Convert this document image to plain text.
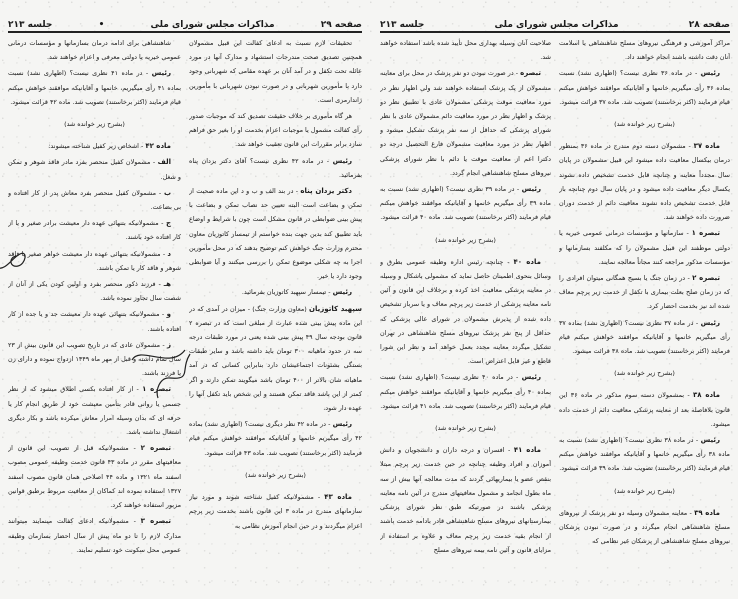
جلسه ۲۱۳	•	مذاکرات مجلس شورای ملی	صفحه ۲۹

تحقیقات لازم نسبت به ادعای کفالت این قبیل مشمولان همچنین تصدیق صحت مندرجات استشهاد و مدارک آنها در مورد عائله تحت تکفل و در آمد آنان بر عهده مقامی که شهربانی وجود دارد با مأمورین شهربانی و در صورت نبودن شهربانی با مأمورین ژاندارمری است.

هر گاه مأموری بر خلاف حقیقت تصدیق کند که موجبات صدور رأی کفالت مشمول یا موجبات اعزام بخدمت او را بغیر حق فراهم سازد برابر مقررات این قانون تعقیب خواهد شد.

رئیس - در ماده ۴۲ نظری نیست؟ آقای دکتر یزدان پناه بفرمائید.

دکتر یزدان پناه - در بند الف و ب و د این ماده صحبت از تمکن و بضاعت است البته تعیین حد نصاب تمکن و بضاعت با پیش بینی ضوابطی در قانون مشکل است چون با شرایط و اوضاع باید تطبیق کند بدین جهت بنده خواستم از تیمسار کاتوزیان معاون محترم وزارت جنگ خواهش کنم توضیح بدهند که در محل مأمورین اجرا به چه شکلی موضوع تمکن را بررسی میکنند و آیا ضوابطی وجود دارد یا خیر.

رئیس - تیمسار سپهبد کاتوزیان بفرمائید.

سپهبد کاتوزیان (معاون وزارت جنگ) - میزان در آمدی که در این ماده پیش بینی شده عبارت از مبلغی است که در تبصره ۲ قانون بودجه سال ۴۹ پیش بینی شده یعنی در مورد طبقات درجه سه در حدود ماهیانه ۳۰۰ تومان باید داشته باشد و سایر طبقات بستگی بشئونات اجتماعیشان دارد بنابراین کسانی که در آمد ماهیانه شان بالاتر از ۴۰۰ تومان باشد میگویند تمکن دارند و اگر کمتر از این باشد فاقد تمکن هستند و این شخص باید تکفل آنها را عهده دار شود.

رئیس - در ماده ۴۲ نظر دیگری نیست؟ (اظهاری نشد) بماده ۴۲ رأی میگیریم خانمها و آقایانیکه موافقند خواهش میکنم قیام فرمایند (اکثر برخاستند) تصویب شد. ماده ۴۳ قرائت میشود.

(بشرح زیر خوانده شد)

ماده ۴۳ - مشمولانیکه کفیل شناخته شوند و مورد نیاز سازمانهای مندرج در ماده ۳ این قانون باشند بخدمت زیر پرچم اعزام میگردند و در حین انجام آموزش نظامی به

شاهنشاهی برای ادامه درمان بسازمانها و مؤسسات درمانی عمومی خیریه یا دولتی معرفی و اعزام خواهند شد.

رئیس - در ماده ۴۱ نظری نیست؟ (اظهاری نشد) نسبت بماده ۴۱ رأی میگیریم، خانمها و آقایانیکه موافقند خواهش میکنم قیام فرمایند (اکثر برخاستند) تصویب شد. ماده ۴۲ قرائت میشود.

(بشرح زیر خوانده شد)

ماده ۴۲ - اشخاص زیر کفیل شناخته میشوند:

الف - مشمولان کفیل منحصر بفرد مادر فاقد شوهر و تمکن و شغل.

ب - مشمولان کفیل منحصر بفرد معاش پدر از کار افتاده و بی بضاعت.

ج - مشمولانیکه بتنهائی عهده دار معیشت برادر صغیر و یا از کار افتاده خود باشند.

د - مشمولانیکه بتنهائی عهده دار معیشت خواهر صغیر یا فاقد شوهر و فاقد کار یا تمکن باشند.

هـ - فرزند ذکور منحصر بفرد و اولین کودن یکی از آنان از شصت سال تجاوز نموده باشد.

و - مشمولانیکه بتنهائی عهده دار معیشت جد و یا جده از کار افتاده باشند.

ز - مشمولان عادی که در تاریخ تصویب این قانون بیش از ۲۳ سال تمام داشته و قبل از مهر ماه ۱۳۴۹ ازدواج نموده و دارای زن یا فرزند باشند.

تبصره ۱ - از کار افتاده بکسی اطلاق میشود که از نظر جسمی یا روانی قادر بتأمین معیشت خود از طریق انجام کار یا حرفه ای که بدان وسیله امرار معاش میکرده باشد و بکار دیگری اشتغال نداشته باشد.

تبصره ۲ - مشمولانیکه قبل از تصویب این قانون از معافیتهای مقرر در ماده ۴۳ قانون خدمت وظیفه عمومی مصوب اسفند ماه ۱۳۲۱ و ماده ۴۴ اصلاحی همان قانون مصوب اسفند ۱۳۲۷ استفاده نموده اند کماکان از معافیت مربوط برطبق قوانین مزبور استفاده خواهند کرد.

تبصره ۳ - مشمولانیکه ادعای کفالت مینمایند میتوانند مدارک لازم را تا دو ماه پیش از سال احضار بسازمان وظیفه عمومی محل سکونت خود تسلیم نمایند.

جلسه ۲۱۳	مذاکرات مجلس شورای ملی	صفحه ۲۸

مراکز آموزشی و فرهنگی نیروهای مسلح شاهنشاهی یا اسلامت آنان دقت داشته باشند انجام خواهند داد.

رئیس - در ماده ۳۶ نظری نیست؟ (اظهاری نشد) نسبت بماده ۳۶ رأی میگیریم خانمها و آقایانیکه موافقند خواهش میکنم قیام فرمایند (اکثر برخاستند) تصویب شد. ماده ۳۷ قرائت میشود.

(بشرح زیر خوانده شد)

ماده ۳۷ - مشمولان دسته دوم مندرج در ماده ۳۶ بمنظور درمان بیکسال معافیت داده میشود این قبیل مشمولان در پایان سال مجدداً معاینه و چنانچه قابل خدمت تشخیص داده نشوند یکسال دیگر معافیت داده میشود و در پایان سال دوم چنانچه باز قابل خدمت تشخیص داده نشوند معافیت دائم از خدمت دوران ضرورت داده خواهند شد.

تبصره ۱ - سازمانها و مؤسسات درمانی عمومی خیریه یا دولتی موظفند این قبیل مشمولان را که مکلفند بسازمانها و مؤسسات مذکور مراجعه کنند مجاناً معالجه نمایند.

تبصره ۲ - در زمان جنگ یا بسیج همگانی میتوان افرادی را که در زمان صلح بعلت بیماری با تکفل از خدمت زیر پرچم معاف شده اند نیز بخدمت احضار کرد.

رئیس - در ماده ۳۷ نظری نیست؟ (اظهاری نشد) بماده ۳۷ رأی میگیریم خانمها و آقایانیکه موافقند خواهش میکنم قیام فرمایند (اکثر برخاستند) تصویب شد. ماده ۳۸ قرائت میشود.

(بشرح زیر خوانده شد)

ماده ۳۸ - بمشمولان دسته سوم مذکور در ماده ۳۶ این قانون بلافاصله بعد از معاینه پزشکی معافیت دائم از خدمت داده میشود.

رئیس - در ماده ۳۸ نظری نیست؟ (اظهاری نشد) نسبت به ماده ۳۸ رأی میگیریم خانمها و آقایانیکه موافقند خواهش میکنم قیام فرمایند (اکثر برخاستند) تصویب شد. ماده ۳۹ قرائت میشود.

(بشرح زیر خوانده شد)

ماده ۳۹ - معاینه مشمولان وسیله دو نفر پزشک از نیروهای مسلح شاهنشاهی انجام میگردد و در صورت نبودن پزشکان نیروهای مسلح شاهنشاهی از پزشکان غیر نظامی که

صلاحیت آنان وسیله بهداری محل تأیید شده باشد استفاده خواهند شد.

تبصره - در صورت نبودن دو نفر پزشک در محل برای معاینه مشمولان از یک پزشک استفاده خواهند شد ولی اظهار نظر در مورد معافیت موقت پزشکی مشمولان عادی با تطبیق نظر دو پزشک و اظهار نظر در مورد معافیت دائم مشمولان عادی با نظر شورای پزشکی که حداقل از سه نفر پزشک تشکیل میشود و اظهار نظر در مورد معافیت مشمولان فارغ التحصیل درجه دو دکترا اعم از معافیت موقت یا دائم با نظر شورای پزشکی نیروهای مسلح شاهنشاهی انجام گردد.

رئیس - در ماده ۳۹ نظری نیست؟ (اظهاری نشد) نسبت به ماده ۳۹ رأی میگیریم خانمها و آقایانیکه موافقند خواهش میکنم قیام فرمایند (اکثر برخاستند) تصویب شد. ماده ۴۰ قرائت میشود.

(بشرح زیر خوانده شد)

ماده ۴۰ - چنانچه رئیس اداره وظیفه عمومی بطرق و وسائل بنحوی اطمینان حاصل نماید که مشمولی باشکال و وسیله در معاینه پزشکی معافیت اخذ کرده و برخلاف این قانون و آئین نامه معاینه پزشکی از خدمت زیر پرچم معاف و یا سرباز تشخیص داده شده از پذیرش مشمولان در شورای عالی پزشکی که حداقل از پنج نفر پزشک نیروهای مسلح شاهنشاهی در تهران تشکیل میگردد معاینه مجدد بعمل خواهد آمد و نظر این شورا قاطع و غیر قابل اعتراض است.

رئیس - در ماده ۴۰ نظری نیست؟ (اظهاری نشد) نسبت بماده ۴۰ رأی میگیریم خانمها و آقایانیکه موافقند خواهش میکنم قیام فرمایند (اکثر برخاستند) تصویب شد. ماده ۴۱ قرائت میشود.

(بشرح زیر خوانده شد)

ماده ۴۱ - افسران و درجه داران و دانشجویان و دانش آموزان و افراد وظیفه چنانچه در حین خدمت زیر پرچم مبتلا بنقص عضو یا بیماریهائی گردند که مدت معالجه آنها بیش از سه ماه بطول انجامد و مشمول معافیتهای مندرج در آئین نامه معاینه پزشکی باشند در صورتیکه طبق نظر شورای پزشکی بیمارستانهای نیروهای مسلح شاهنشاهی قادر بادامه خدمت باشند از انجام بقیه خدمت زیر پرچم معاف و علاوه بر استفاده از مزایای قانون و آئین نامه بیمه نیروهای مسلح
